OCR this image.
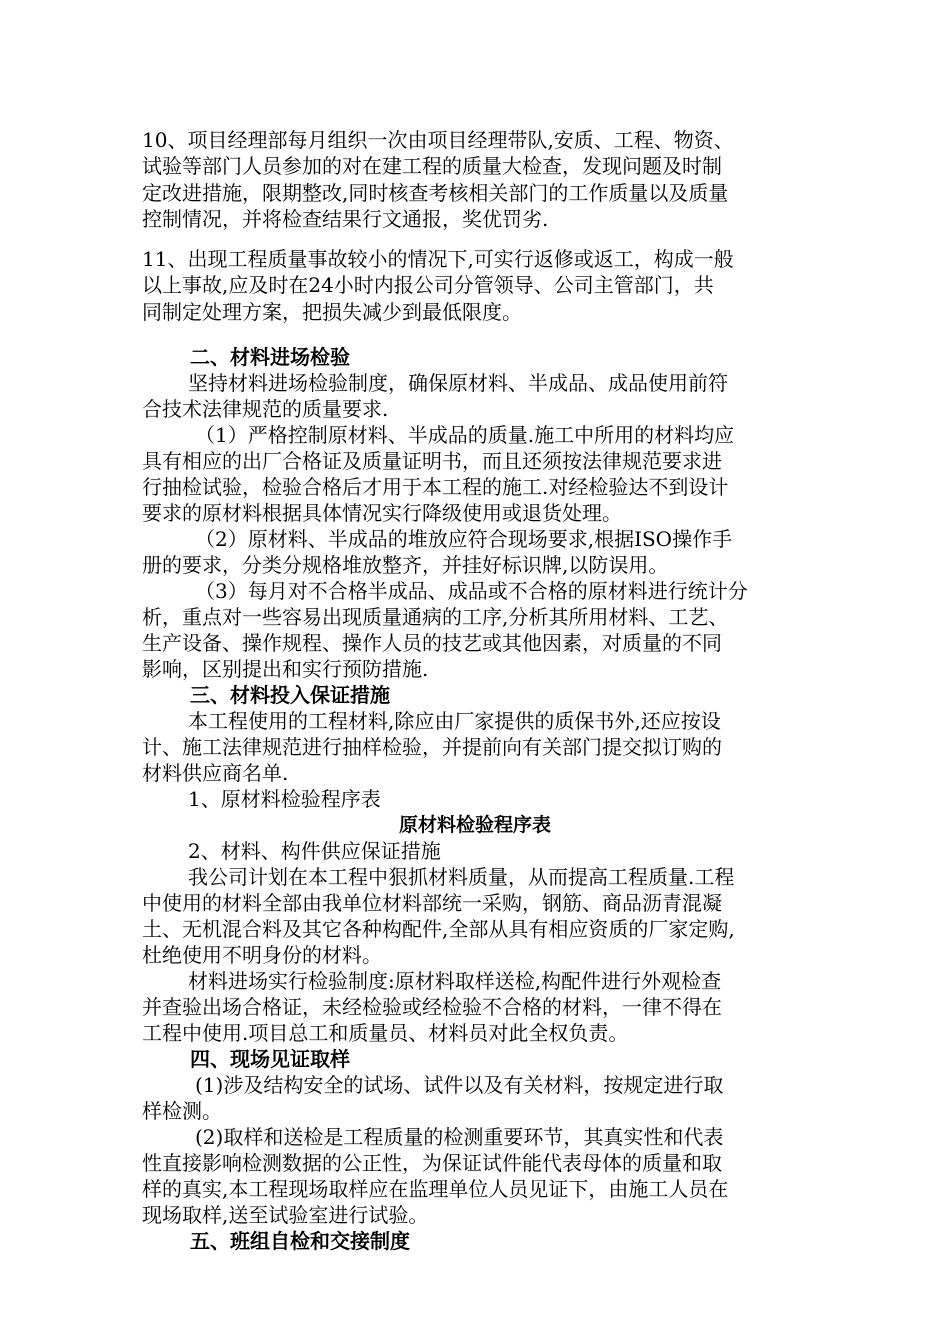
10、项目经理部每月组织一次由项目经理带队,安质、工程、物资、
试验等部门人员参加的对在建工程的质量大检查，发现问题及时制
定改进措施，限期整改,同时核查考核相关部门的工作质量以及质量
控制情况，并将检查结果行文通报，奖优罚劣.
11、出现工程质量事故较小的情况下,可实行返修或返工，构成一般
以上事故,应及时在24小时内报公司分管领导、公司主管部门，共
同制定处理方案，把损失减少到最低限度。
二、材料进场检验
坚持材料进场检验制度，确保原材料、半成品、成品使用前符
合技术法律规范的质量要求.
（1）严格控制原材料、半成品的质量.施工中所用的材料均应
具有相应的出厂合格证及质量证明书，而且还须按法律规范要求进
行抽检试验，检验合格后才用于本工程的施工.对经检验达不到设计
要求的原材料根据具体情况实行降级使用或退货处理。
（2）原材料、半成品的堆放应符合现场要求,根据ISO操作手
册的要求，分类分规格堆放整齐，并挂好标识牌,以防误用。
（3）每月对不合格半成品、成品或不合格的原材料进行统计分
析，重点对一些容易出现质量通病的工序,分析其所用材料、工艺、
生产设备、操作规程、操作人员的技艺或其他因素，对质量的不同
影响，区别提出和实行预防措施.
三、材料投入保证措施
本工程使用的工程材料,除应由厂家提供的质保书外,还应按设
计、施工法律规范进行抽样检验，并提前向有关部门提交拟订购的
材料供应商名单.
1、原材料检验程序表
原材料检验程序表
2、材料、构件供应保证措施
我公司计划在本工程中狠抓材料质量，从而提高工程质量.工程
中使用的材料全部由我单位材料部统一采购，钢筋、商品沥青混凝
土、无机混合料及其它各种构配件,全部从具有相应资质的厂家定购,
杜绝使用不明身份的材料。
材料进场实行检验制度:原材料取样送检,构配件进行外观检查
并查验出场合格证，未经检验或经检验不合格的材料，一律不得在
工程中使用.项目总工和质量员、材料员对此全权负责。
四、现场见证取样
(1)涉及结构安全的试场、试件以及有关材料，按规定进行取
样检测。
(2)取样和送检是工程质量的检测重要环节，其真实性和代表
性直接影响检测数据的公正性，为保证试件能代表母体的质量和取
样的真实,本工程现场取样应在监理单位人员见证下，由施工人员在
现场取样,送至试验室进行试验。
五、班组自检和交接制度
